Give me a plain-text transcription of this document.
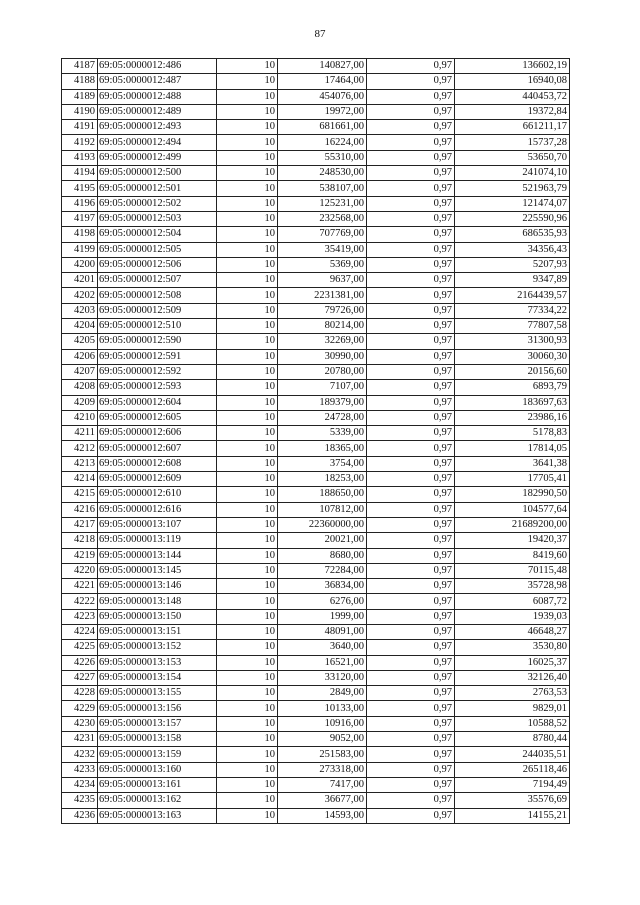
87
4187	69:05:0000012:486	10	140827,00	0,97	136602,19
4188	69:05:0000012:487	10	17464,00	0,97	16940,08
4189	69:05:0000012:488	10	454076,00	0,97	440453,72
4190	69:05:0000012:489	10	19972,00	0,97	19372,84
4191	69:05:0000012:493	10	681661,00	0,97	661211,17
4192	69:05:0000012:494	10	16224,00	0,97	15737,28
4193	69:05:0000012:499	10	55310,00	0,97	53650,70
4194	69:05:0000012:500	10	248530,00	0,97	241074,10
4195	69:05:0000012:501	10	538107,00	0,97	521963,79
4196	69:05:0000012:502	10	125231,00	0,97	121474,07
4197	69:05:0000012:503	10	232568,00	0,97	225590,96
4198	69:05:0000012:504	10	707769,00	0,97	686535,93
4199	69:05:0000012:505	10	35419,00	0,97	34356,43
4200	69:05:0000012:506	10	5369,00	0,97	5207,93
4201	69:05:0000012:507	10	9637,00	0,97	9347,89
4202	69:05:0000012:508	10	2231381,00	0,97	2164439,57
4203	69:05:0000012:509	10	79726,00	0,97	77334,22
4204	69:05:0000012:510	10	80214,00	0,97	77807,58
4205	69:05:0000012:590	10	32269,00	0,97	31300,93
4206	69:05:0000012:591	10	30990,00	0,97	30060,30
4207	69:05:0000012:592	10	20780,00	0,97	20156,60
4208	69:05:0000012:593	10	7107,00	0,97	6893,79
4209	69:05:0000012:604	10	189379,00	0,97	183697,63
4210	69:05:0000012:605	10	24728,00	0,97	23986,16
4211	69:05:0000012:606	10	5339,00	0,97	5178,83
4212	69:05:0000012:607	10	18365,00	0,97	17814,05
4213	69:05:0000012:608	10	3754,00	0,97	3641,38
4214	69:05:0000012:609	10	18253,00	0,97	17705,41
4215	69:05:0000012:610	10	188650,00	0,97	182990,50
4216	69:05:0000012:616	10	107812,00	0,97	104577,64
4217	69:05:0000013:107	10	22360000,00	0,97	21689200,00
4218	69:05:0000013:119	10	20021,00	0,97	19420,37
4219	69:05:0000013:144	10	8680,00	0,97	8419,60
4220	69:05:0000013:145	10	72284,00	0,97	70115,48
4221	69:05:0000013:146	10	36834,00	0,97	35728,98
4222	69:05:0000013:148	10	6276,00	0,97	6087,72
4223	69:05:0000013:150	10	1999,00	0,97	1939,03
4224	69:05:0000013:151	10	48091,00	0,97	46648,27
4225	69:05:0000013:152	10	3640,00	0,97	3530,80
4226	69:05:0000013:153	10	16521,00	0,97	16025,37
4227	69:05:0000013:154	10	33120,00	0,97	32126,40
4228	69:05:0000013:155	10	2849,00	0,97	2763,53
4229	69:05:0000013:156	10	10133,00	0,97	9829,01
4230	69:05:0000013:157	10	10916,00	0,97	10588,52
4231	69:05:0000013:158	10	9052,00	0,97	8780,44
4232	69:05:0000013:159	10	251583,00	0,97	244035,51
4233	69:05:0000013:160	10	273318,00	0,97	265118,46
4234	69:05:0000013:161	10	7417,00	0,97	7194,49
4235	69:05:0000013:162	10	36677,00	0,97	35576,69
4236	69:05:0000013:163	10	14593,00	0,97	14155,21
